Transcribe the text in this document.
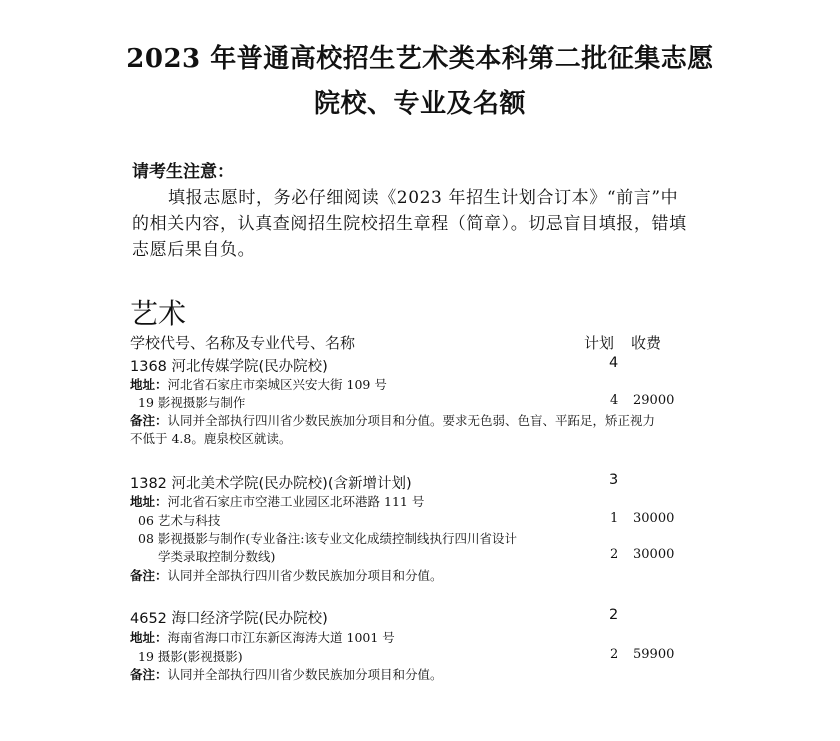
2023 年普通高校招生艺术类本科第二批征集志愿
院校、专业及名额
请考生注意：
填报志愿时，务必仔细阅读《2023 年招生计划合订本》“前言”中
的相关内容，认真查阅招生院校招生章程（简章）。切忌盲目填报，错填
志愿后果自负。
艺术
学校代号、名称及专业代号、名称	计划 收费
1368 河北传媒学院(民办院校)	4
地址：河北省石家庄市栾城区兴安大街 109 号
19 影视摄影与制作	4 29000
备注：认同并全部执行四川省少数民族加分项目和分值。要求无色弱、色盲、平跖足，矫正视力
不低于 4.8。鹿泉校区就读。
1382 河北美术学院(民办院校)(含新增计划)	3
地址：河北省石家庄市空港工业园区北环港路 111 号
06 艺术与科技	1 30000
08 影视摄影与制作(专业备注:该专业文化成绩控制线执行四川省设计
学类录取控制分数线)	2 30000
备注：认同并全部执行四川省少数民族加分项目和分值。
4652 海口经济学院(民办院校)	2
地址：海南省海口市江东新区海涛大道 1001 号
19 摄影(影视摄影)	2 59900
备注：认同并全部执行四川省少数民族加分项目和分值。
